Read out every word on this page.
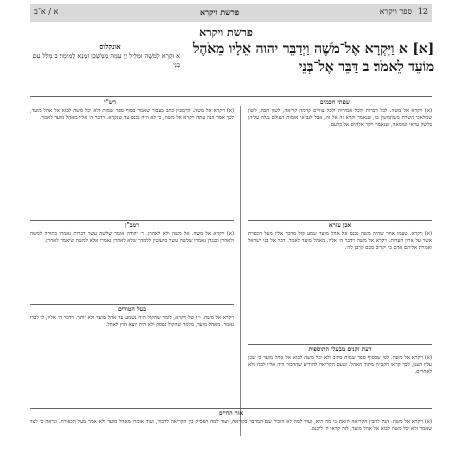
12
ספר ויקרא
פרשת ויקרא
א / א־ב
פרשת ויקרא
[א] א וַיִּקְרָא אֶל־מֹשֶׁה וַיְדַבֵּר יהוה אֵלָיו מֵאֹהֶל מוֹעֵד לֵאמֹר׃ ב דַּבֵּר אֶל־בְּנֵי
אונקלוס
א וּקְרָא לְמשֶׁה וּמַלֵּיל יְיָ עִמֵּהּ מִמַּשְׁכַּן זִמְנָא לְמֵימָר׃ ב מַלֵּל עִם בְּנֵי
רש"י	שפתי חכמים
(א) ויקרא אל משה. לכל דברות ולכל אמירות ולכל צוויים קדמה קריאה, לשון חבה, לשון שמלאכי השרת משתמשין בו, שנאמר וקרא זה אל זה, אבל לנביאי אומות העולם נגלה עליהן בלשון עראי וטומאה, שנאמר ויקר אלהים אל בלעם.
(א) ויקרא אל משה. הרמב״ן כתב בעבור שאמר בסוף ספר שמות ולא יכל משה לבוא אל אהל מועד, לכך אמר הנה עתה ויקרא אל משה, כי לא היה נכנס עד שנקרא. וידבר ה׳ אליו מאהל מועד לאמר.
אבן עזרא
(א) ויקרא. טעמו אחר שהיה משה נכנס אל אהל מועד שמע קול מדבר אליו מעל הכפרת אשר על ארון העדות. ויקרא אל משה וידבר ה׳ אליו. מאהל מועד לאמר. דבר אל בני ישראל ואמרת אליהם אדם כי יקריב מכם קרבן לה׳.
רמב"ן
(א) ויקרא אל משה. אל משה ולא לאהרן. ר׳ יהודה אומר שלשה עשר דברות נאמרו בתורה למשה ולאהרן וכנגדן נאמרו שלשה עשר מיעוטין ללמדך שלא לאהרן נאמרו אלא למשה שיאמר לאהרן.
בעל הטורים
ויקרא אל משה. ו״ו של ויקרא, לומר שהקול היה נשמע עד אהל מועד ולא יותר. וידבר ה׳ אליו, לו לבדו נאמר. מאהל מועד, מלמד שהקול נפסק ולא היה יוצא חוץ לאהל.
דעת זקנים מבעלי התוספות
(א) ויקרא אל משה. לפי שבסוף ספר שמות כתיב ולא יכל משה לבוא אל אהל מועד כי שכן עליו הענן, לכך קראו הקב״ה מתוך האהל. וטעם הקריאה להודיע שהדבור היה אליו לבדו ולא לאחרים.
אור החיים
(א) ויקרא אל משה. הנה להבין הקריאה הזאת כי מה היא, ועוד למה לא הזכיר שם המדבר בקריאה, ועוד למה הפסיק בין הקריאה לדבור, ועוד אומרו מאהל מועד ולא אמר מעל הכפורת. ונראה כי לצד שאמר ולא יכל משה לבוא אל אהל מועד, לזה קראו ה׳ ליכנס.
